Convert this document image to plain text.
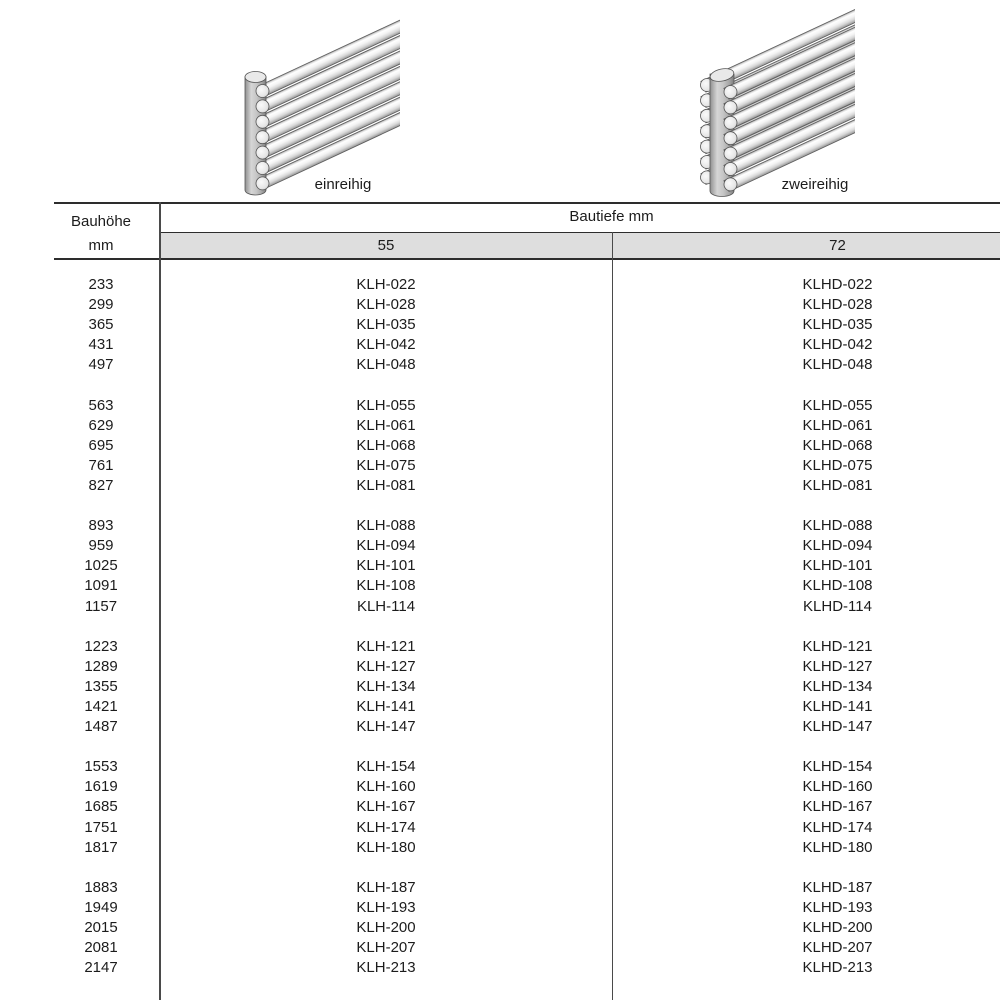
einreihig	zweireihig
Bauhöhe
mm
Bautiefe mm
55	72
233	KLH-022	KLHD-022
299	KLH-028	KLHD-028
365	KLH-035	KLHD-035
431	KLH-042	KLHD-042
497	KLH-048	KLHD-048
563	KLH-055	KLHD-055
629	KLH-061	KLHD-061
695	KLH-068	KLHD-068
761	KLH-075	KLHD-075
827	KLH-081	KLHD-081
893	KLH-088	KLHD-088
959	KLH-094	KLHD-094
1025	KLH-101	KLHD-101
1091	KLH-108	KLHD-108
1157	KLH-114	KLHD-114
1223	KLH-121	KLHD-121
1289	KLH-127	KLHD-127
1355	KLH-134	KLHD-134
1421	KLH-141	KLHD-141
1487	KLH-147	KLHD-147
1553	KLH-154	KLHD-154
1619	KLH-160	KLHD-160
1685	KLH-167	KLHD-167
1751	KLH-174	KLHD-174
1817	KLH-180	KLHD-180
1883	KLH-187	KLHD-187
1949	KLH-193	KLHD-193
2015	KLH-200	KLHD-200
2081	KLH-207	KLHD-207
2147	KLH-213	KLHD-213
